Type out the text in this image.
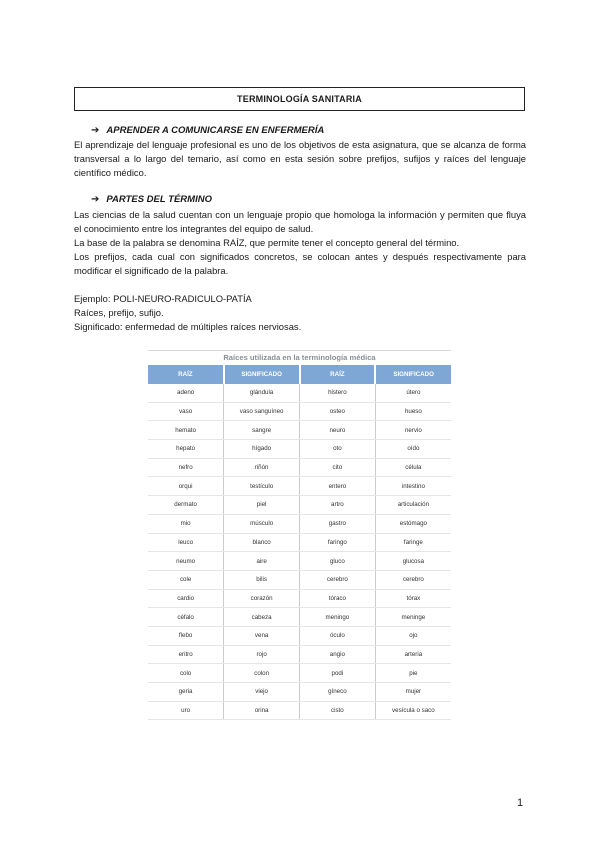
TERMINOLOGÍA SANITARIA
➔ APRENDER A COMUNICARSE EN ENFERMERÍA

El aprendizaje del lenguaje profesional es uno de los objetivos de esta asignatura, que se alcanza de forma transversal a lo largo del temario, así como en esta sesión sobre prefijos, sufijos y raíces del lenguaje científico médico.

➔ PARTES DEL TÉRMINO

Las ciencias de la salud cuentan con un lenguaje propio que homologa la información y permiten que fluya el conocimiento entre los integrantes del equipo de salud.

La base de la palabra se denomina RAÍZ, que permite tener el concepto general del término.

Los prefijos, cada cual con significados concretos, se colocan antes y después respectivamente para modificar el significado de la palabra.

Ejemplo: POLI-NEURO-RADICULO-PATÍA

Raíces, prefijo, sufijo.

Significado: enfermedad de múltiples raíces nerviosas.

Raíces utilizada en la terminología médica
RAÍZ	SIGNIFICADO	RAÍZ	SIGNIFICADO
adeno	glándula	histero	útero
vaso	vaso sanguíneo	osteo	hueso
hemato	sangre	neuro	nervio
hepato	hígado	oto	oído
nefro	riñón	cito	célula
orqui	testículo	entero	intestino
dermato	piel	artro	articulación
mio	músculo	gastro	estómago
leuco	blanco	faringo	faringe
neumo	aire	gluco	glucosa
cole	bilis	cerebro	cerebro
cardio	corazón	tóraco	tórax
céfalo	cabeza	meningo	meninge
flebo	vena	óculo	ojo
eritro	rojo	angio	arteria
colo	colon	podi	pie
geria	viejo	gíneco	mujer
uro	orina	cisto	vesícula o saco
1
